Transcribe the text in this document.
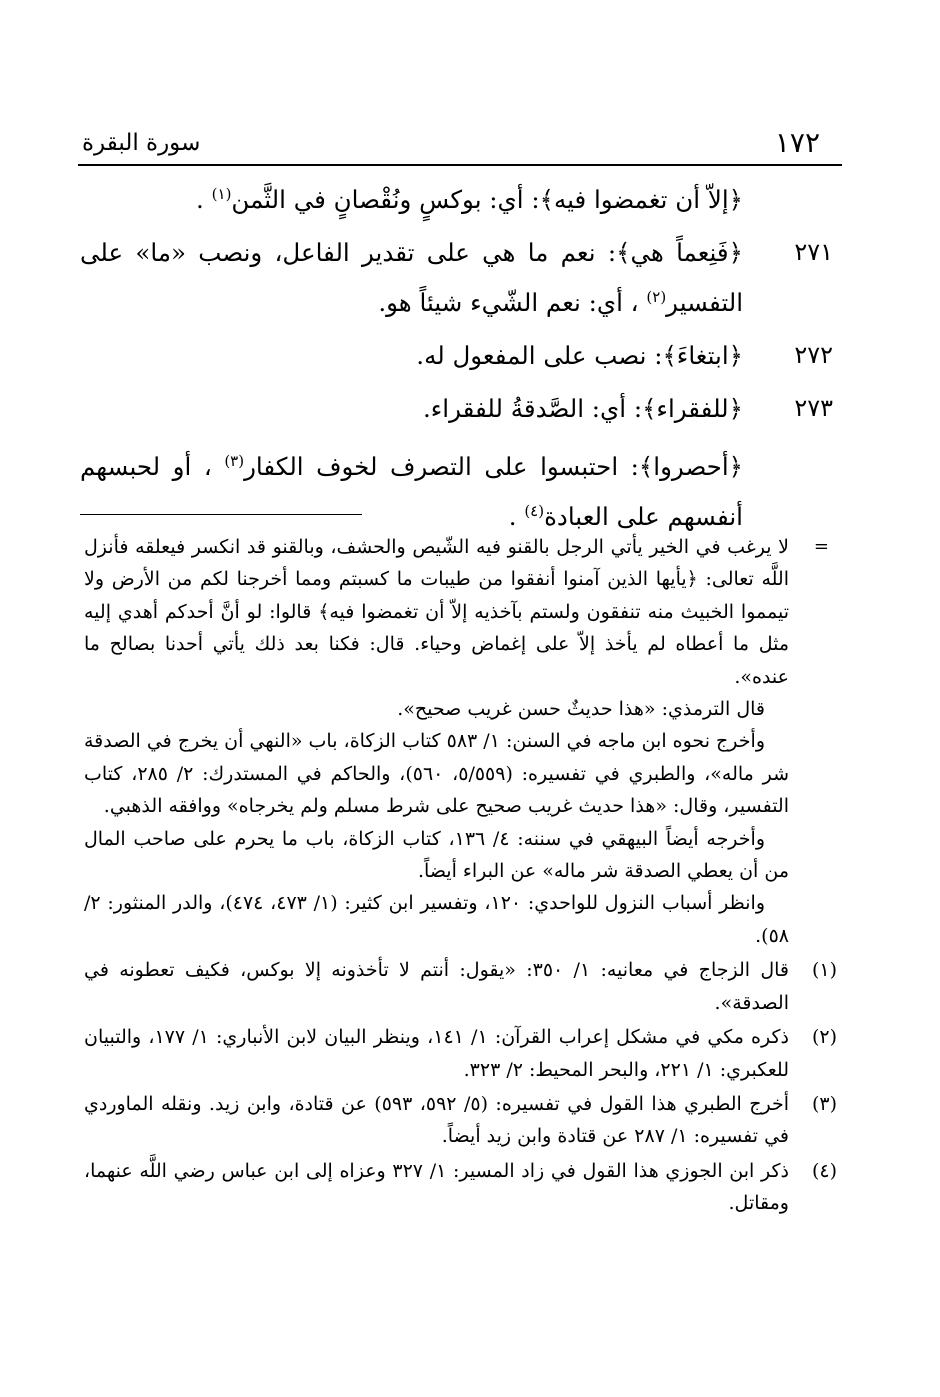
١٧٢
سورة البقرة
﴿إلاّ أن تغمضوا فيه﴾: أي: بوكسٍ ونُقْصانٍ في الثَّمن$^{(١)}$ .
٢٧١
﴿فَنِعماً هي﴾: نعم ما هي على تقدير الفاعل، ونصب «ما» على التفسير$^{(٢)}$ ، أي: نعم الشّيء شيئاً هو.
٢٧٢
﴿ابتغاءَ﴾: نصب على المفعول له.
٢٧٣
﴿للفقراء﴾: أي: الصَّدقةُ للفقراء.
﴿أحصروا﴾: احتبسوا على التصرف لخوف الكفار$^{(٣)}$ ، أو لحبسهم أنفسهم على العبادة$^{(٤)}$ .
=
لا يرغب في الخير يأتي الرجل بالقنو فيه الشّيص والحشف، وبالقنو قد انكسر فيعلقه فأنزل اللَّه تعالى: ﴿يأيها الذين آمنوا أنفقوا من طيبات ما كسبتم ومما أخرجنا لكم من الأرض ولا تيمموا الخبيث منه تنفقون ولستم بآخذيه إلاّ أن تغمضوا فيه﴾ قالوا: لو أنَّ أحدكم أهدي إليه مثل ما أعطاه لم يأخذ إلاّ على إغماض وحياء. قال: فكنا بعد ذلك يأتي أحدنا بصالح ما عنده».
قال الترمذي: «هذا حديثٌ حسن غريب صحيح».
وأخرج نحوه ابن ماجه في السنن: ١/ ٥٨٣ كتاب الزكاة، باب «النهي أن يخرج في الصدقة شر ماله»، والطبري في تفسيره: (٥/٥٥٩، ٥٦٠)، والحاكم في المستدرك: ٢/ ٢٨٥، كتاب التفسير، وقال: «هذا حديث غريب صحيح على شرط مسلم ولم يخرجاه» ووافقه الذهبي.
وأخرجه أيضاً البيهقي في سننه: ٤/ ١٣٦، كتاب الزكاة، باب ما يحرم على صاحب المال من أن يعطي الصدقة شر ماله» عن البراء أيضاً.
وانظر أسباب النزول للواحدي: ١٢٠، وتفسير ابن كثير: (١/ ٤٧٣، ٤٧٤)، والدر المنثور: ٢/ ٥٨).
(١)
قال الزجاج في معانيه: ١/ ٣٥٠: «يقول: أنتم لا تأخذونه إلا بوكس، فكيف تعطونه في الصدقة».
(٢)
ذكره مكي في مشكل إعراب القرآن: ١/ ١٤١، وينظر البيان لابن الأنباري: ١/ ١٧٧، والتبيان للعكبري: ١/ ٢٢١، والبحر المحيط: ٢/ ٣٢٣.
(٣)
أخرج الطبري هذا القول في تفسيره: (٥/ ٥٩٢، ٥٩٣) عن قتادة، وابن زيد. ونقله الماوردي في تفسيره: ١/ ٢٨٧ عن قتادة وابن زيد أيضاً.
(٤)
ذكر ابن الجوزي هذا القول في زاد المسير: ١/ ٣٢٧ وعزاه إلى ابن عباس رضي اللَّه عنهما، ومقاتل.
